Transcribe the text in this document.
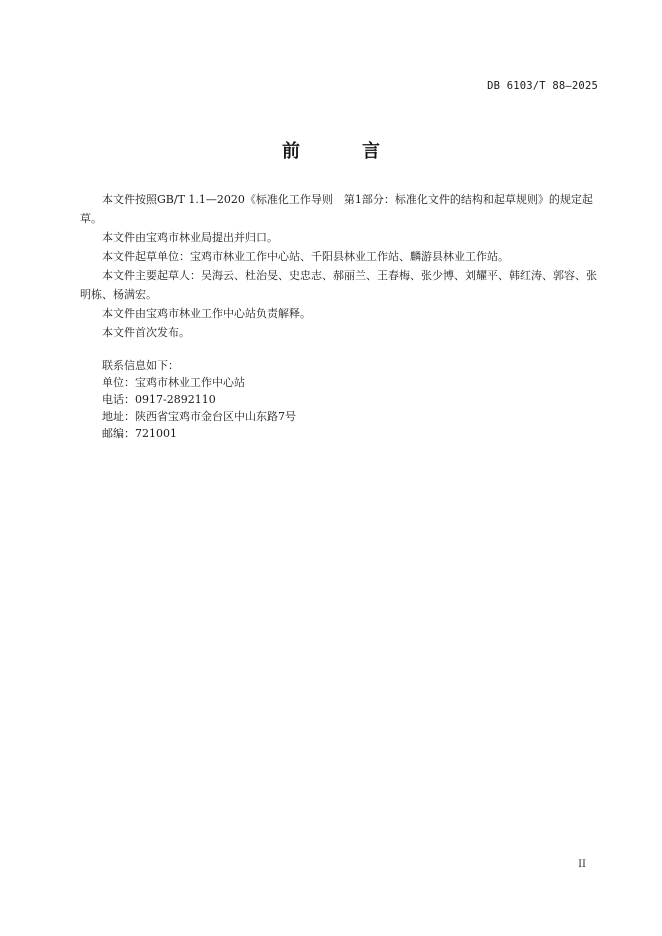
DB 6103/T 88—2025
前　言

本文件按照GB/T 1.1—2020《标准化工作导则　第1部分：标准化文件的结构和起草规则》的规定起草。

本文件由宝鸡市林业局提出并归口。

本文件起草单位：宝鸡市林业工作中心站、千阳县林业工作站、麟游县林业工作站。

本文件主要起草人：吴海云、杜治旻、史忠志、郝丽兰、王春梅、张少博、刘耀平、韩红涛、郭容、张明栋、杨满宏。

本文件由宝鸡市林业工作中心站负责解释。

本文件首次发布。

联系信息如下：

单位：宝鸡市林业工作中心站

电话：0917-2892110

地址：陕西省宝鸡市金台区中山东路7号

邮编：721001

II
